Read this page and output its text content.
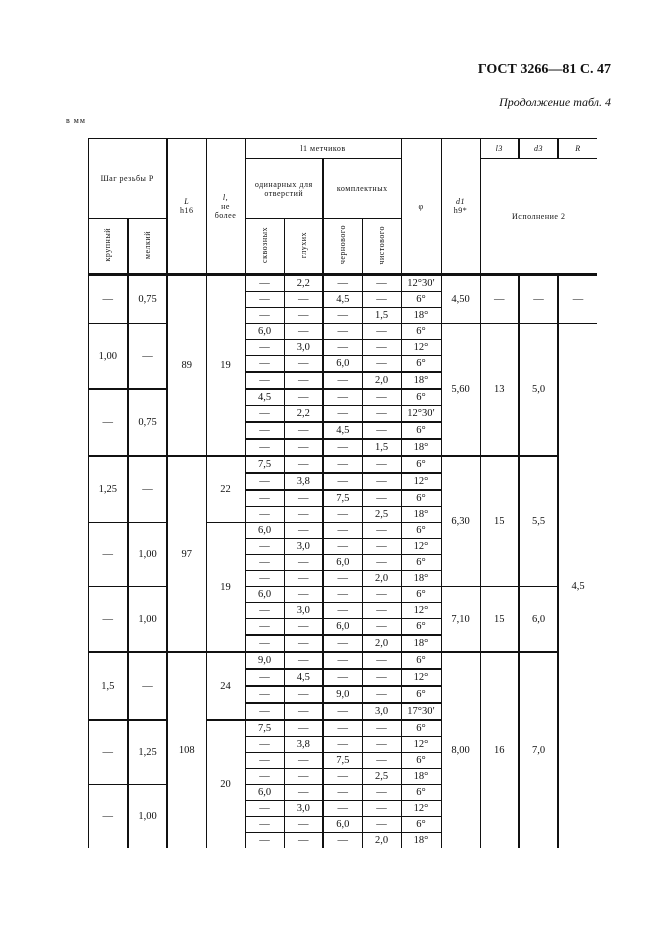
ГОСТ 3266—81 С. 47
Продолжение табл. 4
в мм
	Шаг резьбы P		L
h16	l,
не
более	l1 метчиков				φ	d1
h9*	l3	d3	R
					одинарных для отверстий		комплектных				Исполнение 2		
	крупный	мелкий			сквозных	глухих	чернового	чистового					
	—	0,75	89	19	—	2,2	—	—	12°30′	4,50	—	—	—
					—	—	4,5	—	6°				
					—	—	—	1,5	18°				
	1,00	—			6,0	—	—	—	6°	5,60	13	5,0	4,5
					—	3,0	—	—	12°				
					—	—	6,0	—	6°				
					—	—	—	2,0	18°				
	—	0,75			4,5	—	—	—	6°				
					—	2,2	—	—	12°30′				
					—	—	4,5	—	6°				
					—	—	—	1,5	18°				
	1,25	—	97	22	7,5	—	—	—	6°	6,30	15	5,5	
					—	3,8	—	—	12°				
					—	—	7,5	—	6°				
					—	—	—	2,5	18°				
	—	1,00		19	6,0	—	—	—	6°				
					—	3,0	—	—	12°				
					—	—	6,0	—	6°				
					—	—	—	2,0	18°				
	—	1,00			6,0	—	—	—	6°	7,10	15	6,0	
					—	3,0	—	—	12°				
					—	—	6,0	—	6°				
					—	—	—	2,0	18°				
	1,5	—	108	24	9,0	—	—	—	6°	8,00	16	7,0	
					—	4,5	—	—	12°				
					—	—	9,0	—	6°				
					—	—	—	3,0	17°30′				
	—	1,25		20	7,5	—	—	—	6°				
					—	3,8	—	—	12°				
					—	—	7,5	—	6°				
					—	—	—	2,5	18°				
	—	1,00			6,0	—	—	—	6°				
					—	3,0	—	—	12°				
					—	—	6,0	—	6°				
					—	—	—	2,0	18°				
